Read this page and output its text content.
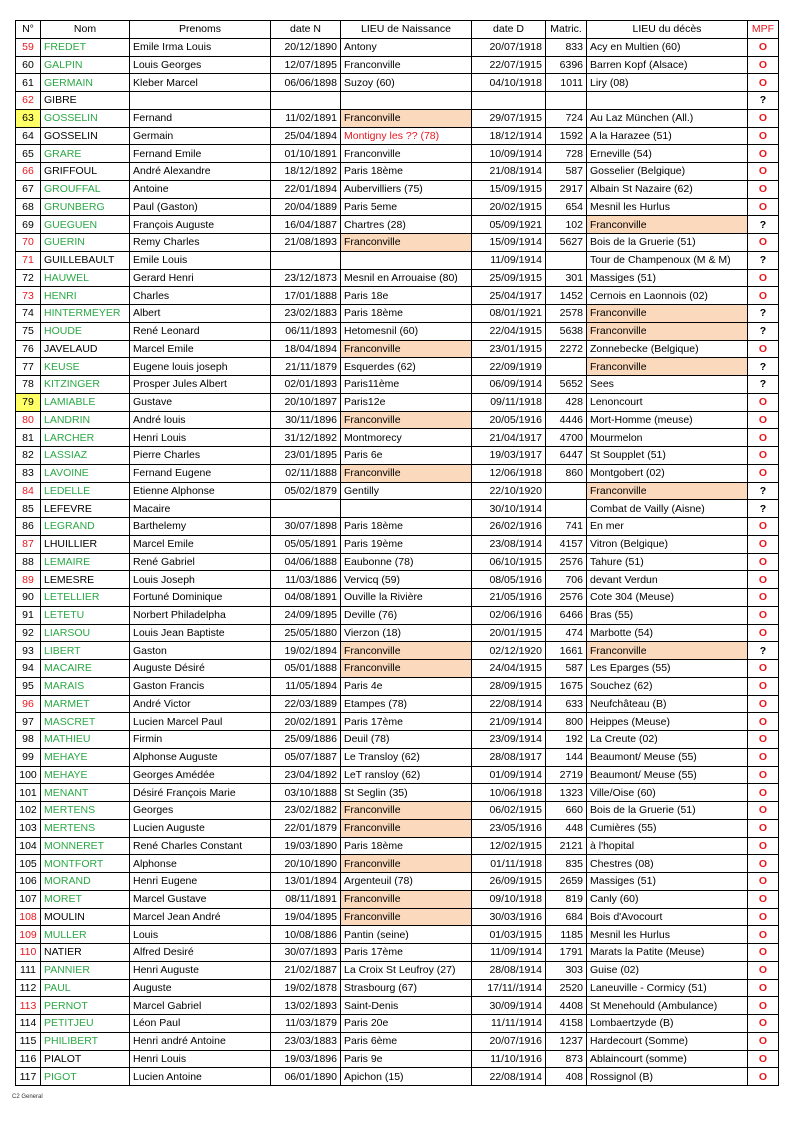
N°	Nom	Prenoms	date N	LIEU de Naissance	date D	Matric.	LIEU du décès	MPF
59	FREDET	Emile Irma Louis	20/12/1890	Antony	20/07/1918	833	Acy en Multien (60)	O
60	GALPIN	Louis Georges	12/07/1895	Franconville	22/07/1915	6396	Barren Kopf (Alsace)	O
61	GERMAIN	Kleber Marcel	06/06/1898	Suzoy (60)	04/10/1918	1011	Liry (08)	O
62	GIBRE							?
63	GOSSELIN	Fernand	11/02/1891	Franconville	29/07/1915	724	Au Laz München (All.)	O
64	GOSSELIN	Germain	25/04/1894	Montigny les ?? (78)	18/12/1914	1592	A la Harazee (51)	O
65	GRARE	Fernand Emile	01/10/1891	Franconville	10/09/1914	728	Erneville (54)	O
66	GRIFFOUL	André Alexandre	18/12/1892	Paris 18ème	21/08/1914	587	Gosselier (Belgique)	O
67	GROUFFAL	Antoine	22/01/1894	Aubervilliers (75)	15/09/1915	2917	Albain St Nazaire (62)	O
68	GRUNBERG	Paul (Gaston)	20/04/1889	Paris 5eme	20/02/1915	654	Mesnil les Hurlus	O
69	GUEGUEN	François Auguste	16/04/1887	Chartres (28)	05/09/1921	102	Franconville	?
70	GUERIN	Remy Charles	21/08/1893	Franconville	15/09/1914	5627	Bois de la Gruerie (51)	O
71	GUILLEBAULT	Emile Louis			11/09/1914		Tour de Champenoux (M & M)	?
72	HAUWEL	Gerard Henri	23/12/1873	Mesnil en Arrouaise (80)	25/09/1915	301	Massiges (51)	O
73	HENRI	Charles	17/01/1888	Paris 18e	25/04/1917	1452	Cernois en Laonnois (02)	O
74	HINTERMEYER	Albert	23/02/1883	Paris 18ème	08/01/1921	2578	Franconville	?
75	HOUDE	René Leonard	06/11/1893	Hetomesnil (60)	22/04/1915	5638	Franconville	?
76	JAVELAUD	Marcel Emile	18/04/1894	Franconville	23/01/1915	2272	Zonnebecke (Belgique)	O
77	KEUSE	Eugene louis joseph	21/11/1879	Esquerdes (62)	22/09/1919		Franconville	?
78	KITZINGER	Prosper Jules Albert	02/01/1893	Paris11ème	06/09/1914	5652	Sees	?
79	LAMIABLE	Gustave	20/10/1897	Paris12e	09/11/1918	428	Lenoncourt	O
80	LANDRIN	André louis	30/11/1896	Franconville	20/05/1916	4446	Mort-Homme (meuse)	O
81	LARCHER	Henri Louis	31/12/1892	Montmorecy	21/04/1917	4700	Mourmelon	O
82	LASSIAZ	Pierre Charles	23/01/1895	Paris 6e	19/03/1917	6447	St Soupplet (51)	O
83	LAVOINE	Fernand Eugene	02/11/1888	Franconville	12/06/1918	860	Montgobert (02)	O
84	LEDELLE	Etienne Alphonse	05/02/1879	Gentilly	22/10/1920		Franconville	?
85	LEFEVRE	Macaire			30/10/1914		Combat de Vailly (Aisne)	?
86	LEGRAND	Barthelemy	30/07/1898	Paris 18ème	26/02/1916	741	En mer	O
87	LHUILLIER	Marcel Emile	05/05/1891	Paris 19ème	23/08/1914	4157	Vitron (Belgique)	O
88	LEMAIRE	René Gabriel	04/06/1888	Eaubonne (78)	06/10/1915	2576	Tahure (51)	O
89	LEMESRE	Louis Joseph	11/03/1886	Vervicq (59)	08/05/1916	706	devant Verdun	O
90	LETELLIER	Fortuné Dominique	04/08/1891	Ouville la Rivière	21/05/1916	2576	Cote 304 (Meuse)	O
91	LETETU	Norbert Philadelpha	24/09/1895	Deville (76)	02/06/1916	6466	Bras (55)	O
92	LIARSOU	Louis Jean Baptiste	25/05/1880	Vierzon (18)	20/01/1915	474	Marbotte (54)	O
93	LIBERT	Gaston	19/02/1894	Franconville	02/12/1920	1661	Franconville	?
94	MACAIRE	Auguste Désiré	05/01/1888	Franconville	24/04/1915	587	Les Eparges (55)	O
95	MARAIS	Gaston Francis	11/05/1894	Paris 4e	28/09/1915	1675	Souchez (62)	O
96	MARMET	André Victor	22/03/1889	Etampes (78)	22/08/1914	633	Neufchâteau (B)	O
97	MASCRET	Lucien Marcel Paul	20/02/1891	Paris 17ème	21/09/1914	800	Heippes (Meuse)	O
98	MATHIEU	Firmin	25/09/1886	Deuil (78)	23/09/1914	192	La Creute (02)	O
99	MEHAYE	Alphonse Auguste	05/07/1887	Le Transloy (62)	28/08/1917	144	Beaumont/ Meuse (55)	O
100	MEHAYE	Georges Amédée	23/04/1892	LeT ransloy (62)	01/09/1914	2719	Beaumont/ Meuse (55)	O
101	MENANT	Désiré François Marie	03/10/1888	St Seglin (35)	10/06/1918	1323	Ville/Oise (60)	O
102	MERTENS	Georges	23/02/1882	Franconville	06/02/1915	660	Bois de la Gruerie (51)	O
103	MERTENS	Lucien Auguste	22/01/1879	Franconville	23/05/1916	448	Cumières (55)	O
104	MONNERET	René Charles Constant	19/03/1890	Paris 18ème	12/02/1915	2121	à l'hopital	O
105	MONTFORT	Alphonse	20/10/1890	Franconville	01/11/1918	835	Chestres (08)	O
106	MORAND	Henri Eugene	13/01/1894	Argenteuil (78)	26/09/1915	2659	Massiges (51)	O
107	MORET	Marcel Gustave	08/11/1891	Franconville	09/10/1918	819	Canly (60)	O
108	MOULIN	Marcel Jean André	19/04/1895	Franconville	30/03/1916	684	Bois d'Avocourt	O
109	MULLER	Louis	10/08/1886	Pantin (seine)	01/03/1915	1185	Mesnil les Hurlus	O
110	NATIER	Alfred Desiré	30/07/1893	Paris 17ème	11/09/1914	1791	Marats la Patite (Meuse)	O
111	PANNIER	Henri Auguste	21/02/1887	La Croix St Leufroy (27)	28/08/1914	303	Guise (02)	O
112	PAUL	Auguste	19/02/1878	Strasbourg (67)	17/11//1914	2520	Laneuville - Cormicy (51)	O
113	PERNOT	Marcel Gabriel	13/02/1893	Saint-Denis	30/09/1914	4408	St Menehould (Ambulance)	O
114	PETITJEU	Léon Paul	11/03/1879	Paris 20e	11/11/1914	4158	Lombaertzyde (B)	O
115	PHILIBERT	Henri andré Antoine	23/03/1883	Paris 6ème	20/07/1916	1237	Hardecourt (Somme)	O
116	PIALOT	Henri Louis	19/03/1896	Paris 9e	11/10/1916	873	Ablaincourt (somme)	O
117	PIGOT	Lucien Antoine	06/01/1890	Apichon (15)	22/08/1914	408	Rossignol (B)	O
C2 General
